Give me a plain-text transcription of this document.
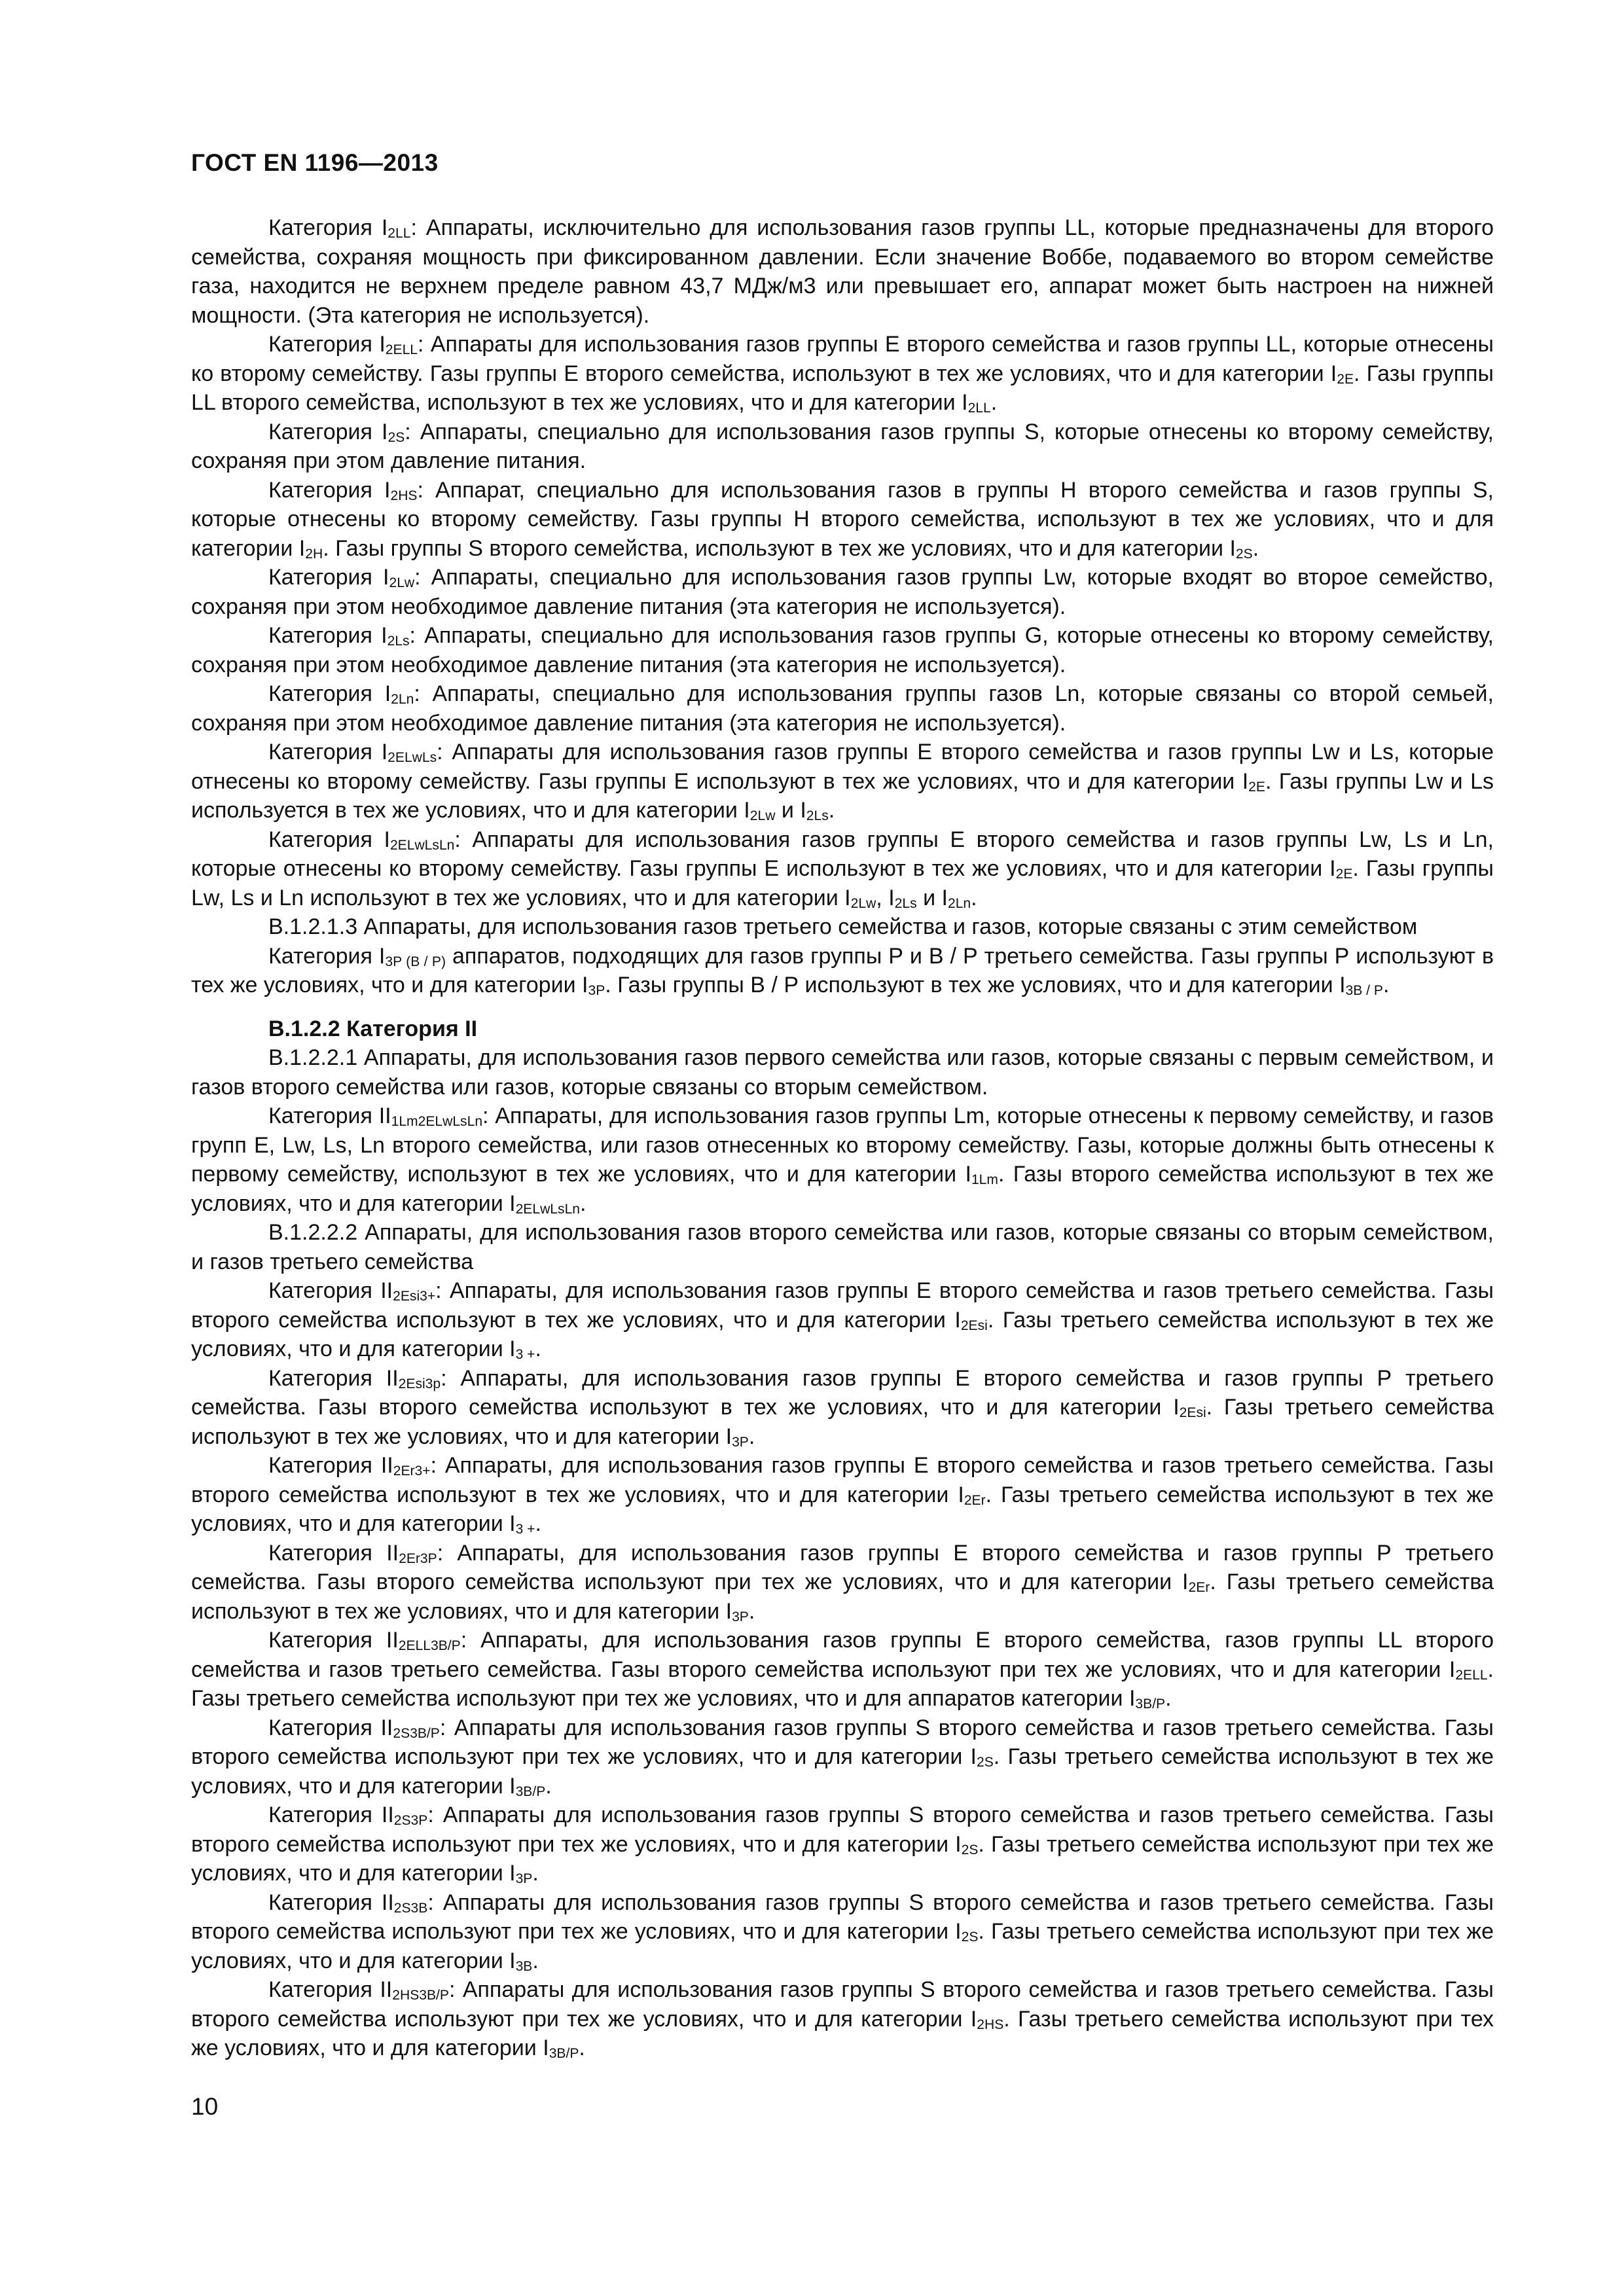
ГОСТ EN 1196—2013

Категория I2LL: Аппараты, исключительно для использования газов группы LL, которые предназначены для второго семейства, сохраняя мощность при фиксированном давлении. Если значение Воббе, подаваемого во втором семействе газа, находится не верхнем пределе равном 43,7 МДж/м3 или превышает его, аппарат может быть настроен на нижней мощности. (Эта категория не используется).

Категория I2ELL: Аппараты для использования газов группы Е второго семейства и газов группы LL, которые отнесены ко второму семейству. Газы группы Е второго семейства, используют в тех же условиях, что и для категории I2E. Газы группы LL второго семейства, используют в тех же условиях, что и для категории I2LL.

Категория I2S: Аппараты, специально для использования газов группы S, которые отнесены ко второму семейству, сохраняя при этом давление питания.

Категория I2HS: Аппарат, специально для использования газов в группы Н второго семейства и газов группы S, которые отнесены ко второму семейству. Газы группы Н второго семейства, используют в тех же условиях, что и для категории I2H. Газы группы S второго семейства, используют в тех же условиях, что и для категории I2S.

Категория I2Lw: Аппараты, специально для использования газов группы Lw, которые входят во второе семейство, сохраняя при этом необходимое давление питания (эта категория не используется).

Категория I2Ls: Аппараты, специально для использования газов группы G, которые отнесены ко второму семейству, сохраняя при этом необходимое давление питания (эта категория не используется).

Категория I2Ln: Аппараты, специально для использования группы газов Ln, которые связаны со второй семьей, сохраняя при этом необходимое давление питания (эта категория не используется).

Категория I2ELwLs: Аппараты для использования газов группы Е второго семейства и газов группы Lw и Ls, которые отнесены ко второму семейству. Газы группы Е используют в тех же условиях, что и для категории I2E. Газы группы Lw и Ls используется в тех же условиях, что и для категории I2Lw и I2Ls.

Категория I2ELwLsLn: Аппараты для использования газов группы Е второго семейства и газов группы Lw, Ls и Ln, которые отнесены ко второму семейству. Газы группы Е используют в тех же условиях, что и для категории I2E. Газы группы Lw, Ls и Ln используют в тех же условиях, что и для категории I2Lw, I2Ls и I2Ln.

В.1.2.1.3 Аппараты, для использования газов третьего семейства и газов, которые связаны с этим семейством

Категория I3P (B / P) аппаратов, подходящих для газов группы Р и В / Р третьего семейства. Газы группы Р используют в тех же условиях, что и для категории I3P. Газы группы В / Р используют в тех же условиях, что и для категории I3B / P.

В.1.2.2 Категория II

В.1.2.2.1 Аппараты, для использования газов первого семейства или газов, которые связаны с первым семейством, и газов второго семейства или газов, которые связаны со вторым семейством.

Категория II1Lm2ELwLsLn: Аппараты, для использования газов группы Lm, которые отнесены к первому семейству, и газов групп Е, Lw, Ls, Ln второго семейства, или газов отнесенных ко второму семейству. Газы, которые должны быть отнесены к первому семейству, используют в тех же условиях, что и для категории I1Lm. Газы второго семейства используют в тех же условиях, что и для категории I2ELwLsLn.

В.1.2.2.2 Аппараты, для использования газов второго семейства или газов, которые связаны со вторым семейством, и газов третьего семейства

Категория II2Esi3+: Аппараты, для использования газов группы Е второго семейства и газов третьего семейства. Газы второго семейства используют в тех же условиях, что и для категории I2Esi. Газы третьего семейства используют в тех же условиях, что и для категории I3 +.

Категория II2Esi3p: Аппараты, для использования газов группы Е второго семейства и газов группы Р третьего семейства. Газы второго семейства используют в тех же условиях, что и для категории I2Esi. Газы третьего семейства используют в тех же условиях, что и для категории I3P.

Категория II2Er3+: Аппараты, для использования газов группы Е второго семейства и газов третьего семейства. Газы второго семейства используют в тех же условиях, что и для категории I2Er. Газы третьего семейства используют в тех же условиях, что и для категории I3 +.

Категория II2Er3P: Аппараты, для использования газов группы Е второго семейства и газов группы Р третьего семейства. Газы второго семейства используют при тех же условиях, что и для категории I2Er. Газы третьего семейства используют в тех же условиях, что и для категории I3P.

Категория II2ELL3B/P: Аппараты, для использования газов группы Е второго семейства, газов группы LL второго семейства и газов третьего семейства. Газы второго семейства используют при тех же условиях, что и для категории I2ELL. Газы третьего семейства используют при тех же условиях, что и для аппаратов категории I3B/P.

Категория II2S3B/P: Аппараты для использования газов группы S второго семейства и газов третьего семейства. Газы второго семейства используют при тех же условиях, что и для категории I2S. Газы третьего семейства используют в тех же условиях, что и для категории I3B/P.

Категория II2S3P: Аппараты для использования газов группы S второго семейства и газов третьего семейства. Газы второго семейства используют при тех же условиях, что и для категории I2S. Газы третьего семейства используют при тех же условиях, что и для категории I3P.

Категория II2S3B: Аппараты для использования газов группы S второго семейства и газов третьего семейства. Газы второго семейства используют при тех же условиях, что и для категории I2S. Газы третьего семейства используют при тех же условиях, что и для категории I3B.

Категория II2HS3B/P: Аппараты для использования газов группы S второго семейства и газов третьего семейства. Газы второго семейства используют при тех же условиях, что и для категории I2HS. Газы третьего семейства используют при тех же условиях, что и для категории I3B/P.

10
